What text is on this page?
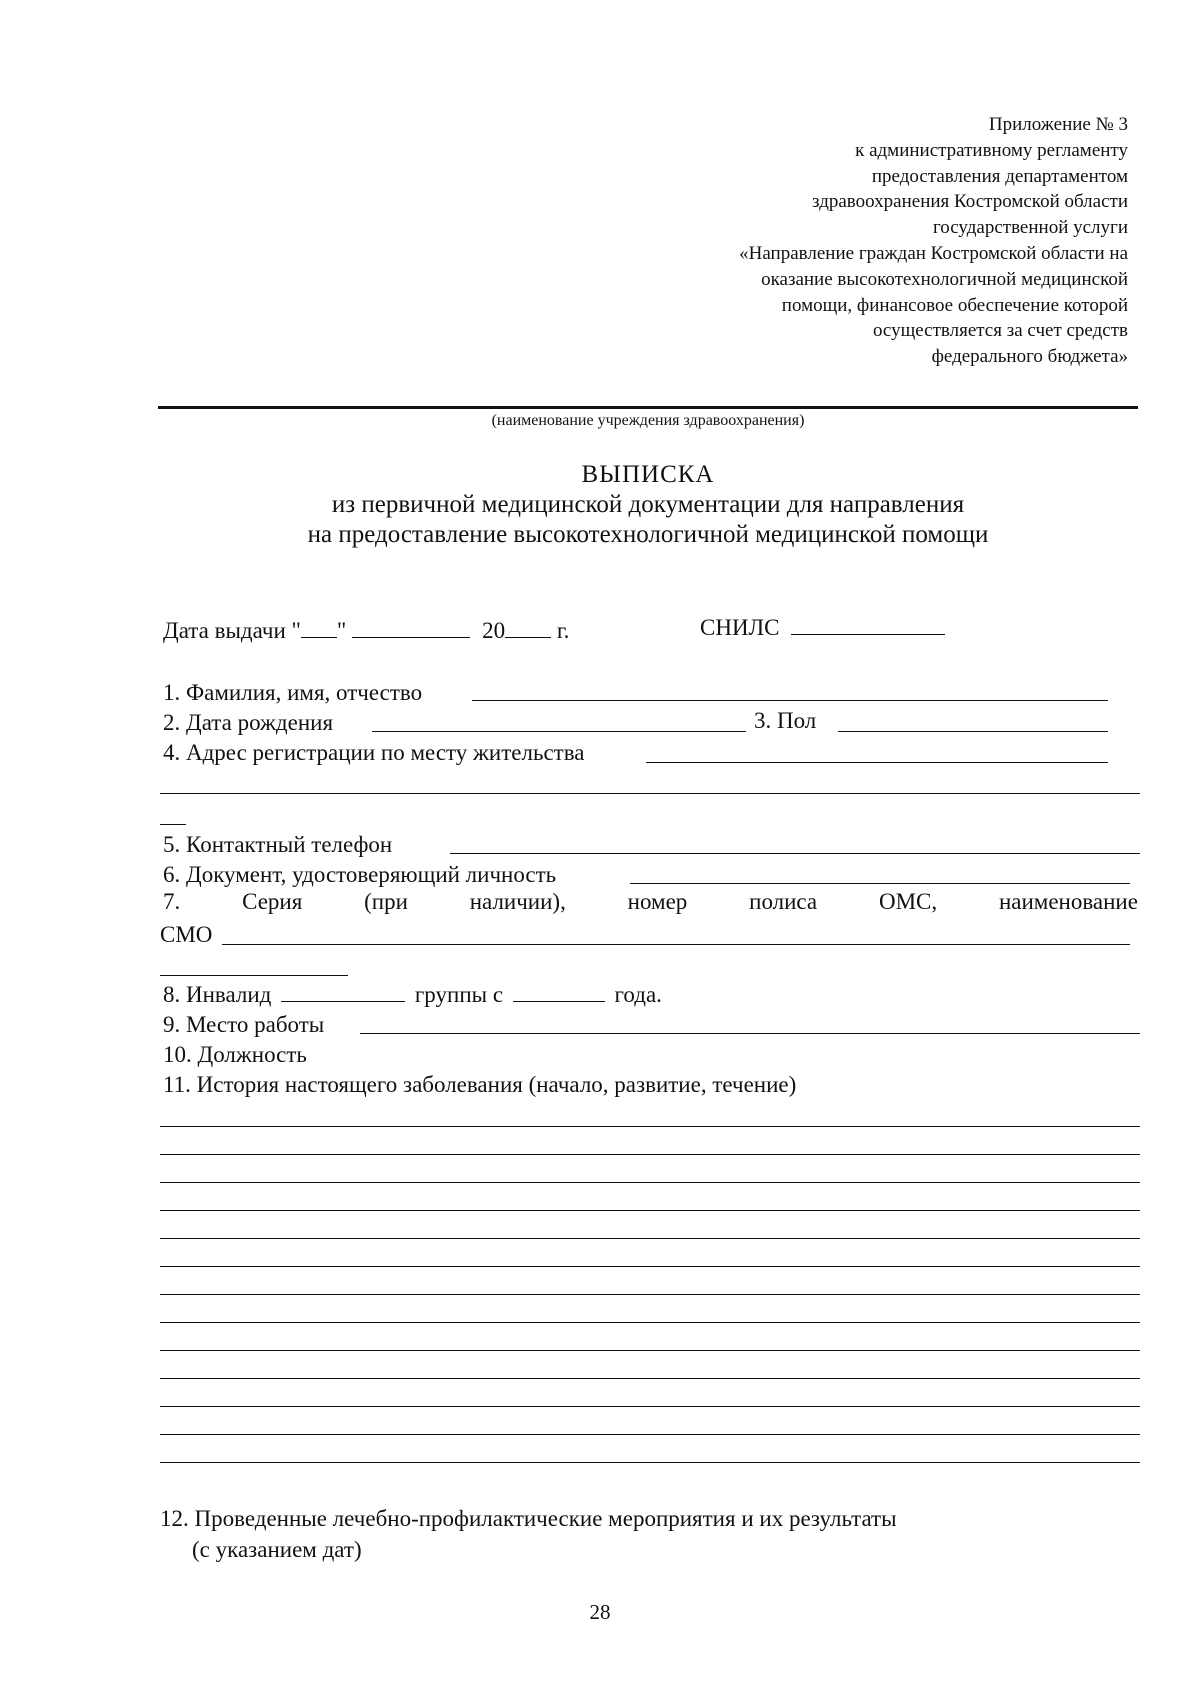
Приложение № 3
к административному регламенту
предоставления департаментом
здравоохранения Костромской области
государственной услуги
«Направление граждан Костромской области на
оказание высокотехнологичной медицинской
помощи, финансовое обеспечение которой
осуществляется за счет средств
федерального бюджета»
(наименование учреждения здравоохранения)
ВЫПИСКА
из первичной медицинской документации для направления
на предоставление высокотехнологичной медицинской помощи
Дата выдачи " "	20 г.	СНИЛС
1. Фамилия, имя, отчество
2. Дата рождения	3. Пол
4. Адрес регистрации по месту жительства
5. Контактный телефон
6. Документ, удостоверяющий личность
7.	Серия	(при	наличии),	номер	полиса	ОМС,	наименование
СМО
8. Инвалид	группы с	года.
9. Место работы
10. Должность
11. История настоящего заболевания (начало, развитие, течение)
12. Проведенные лечебно-профилактические мероприятия и их результаты
(с указанием дат)
28
